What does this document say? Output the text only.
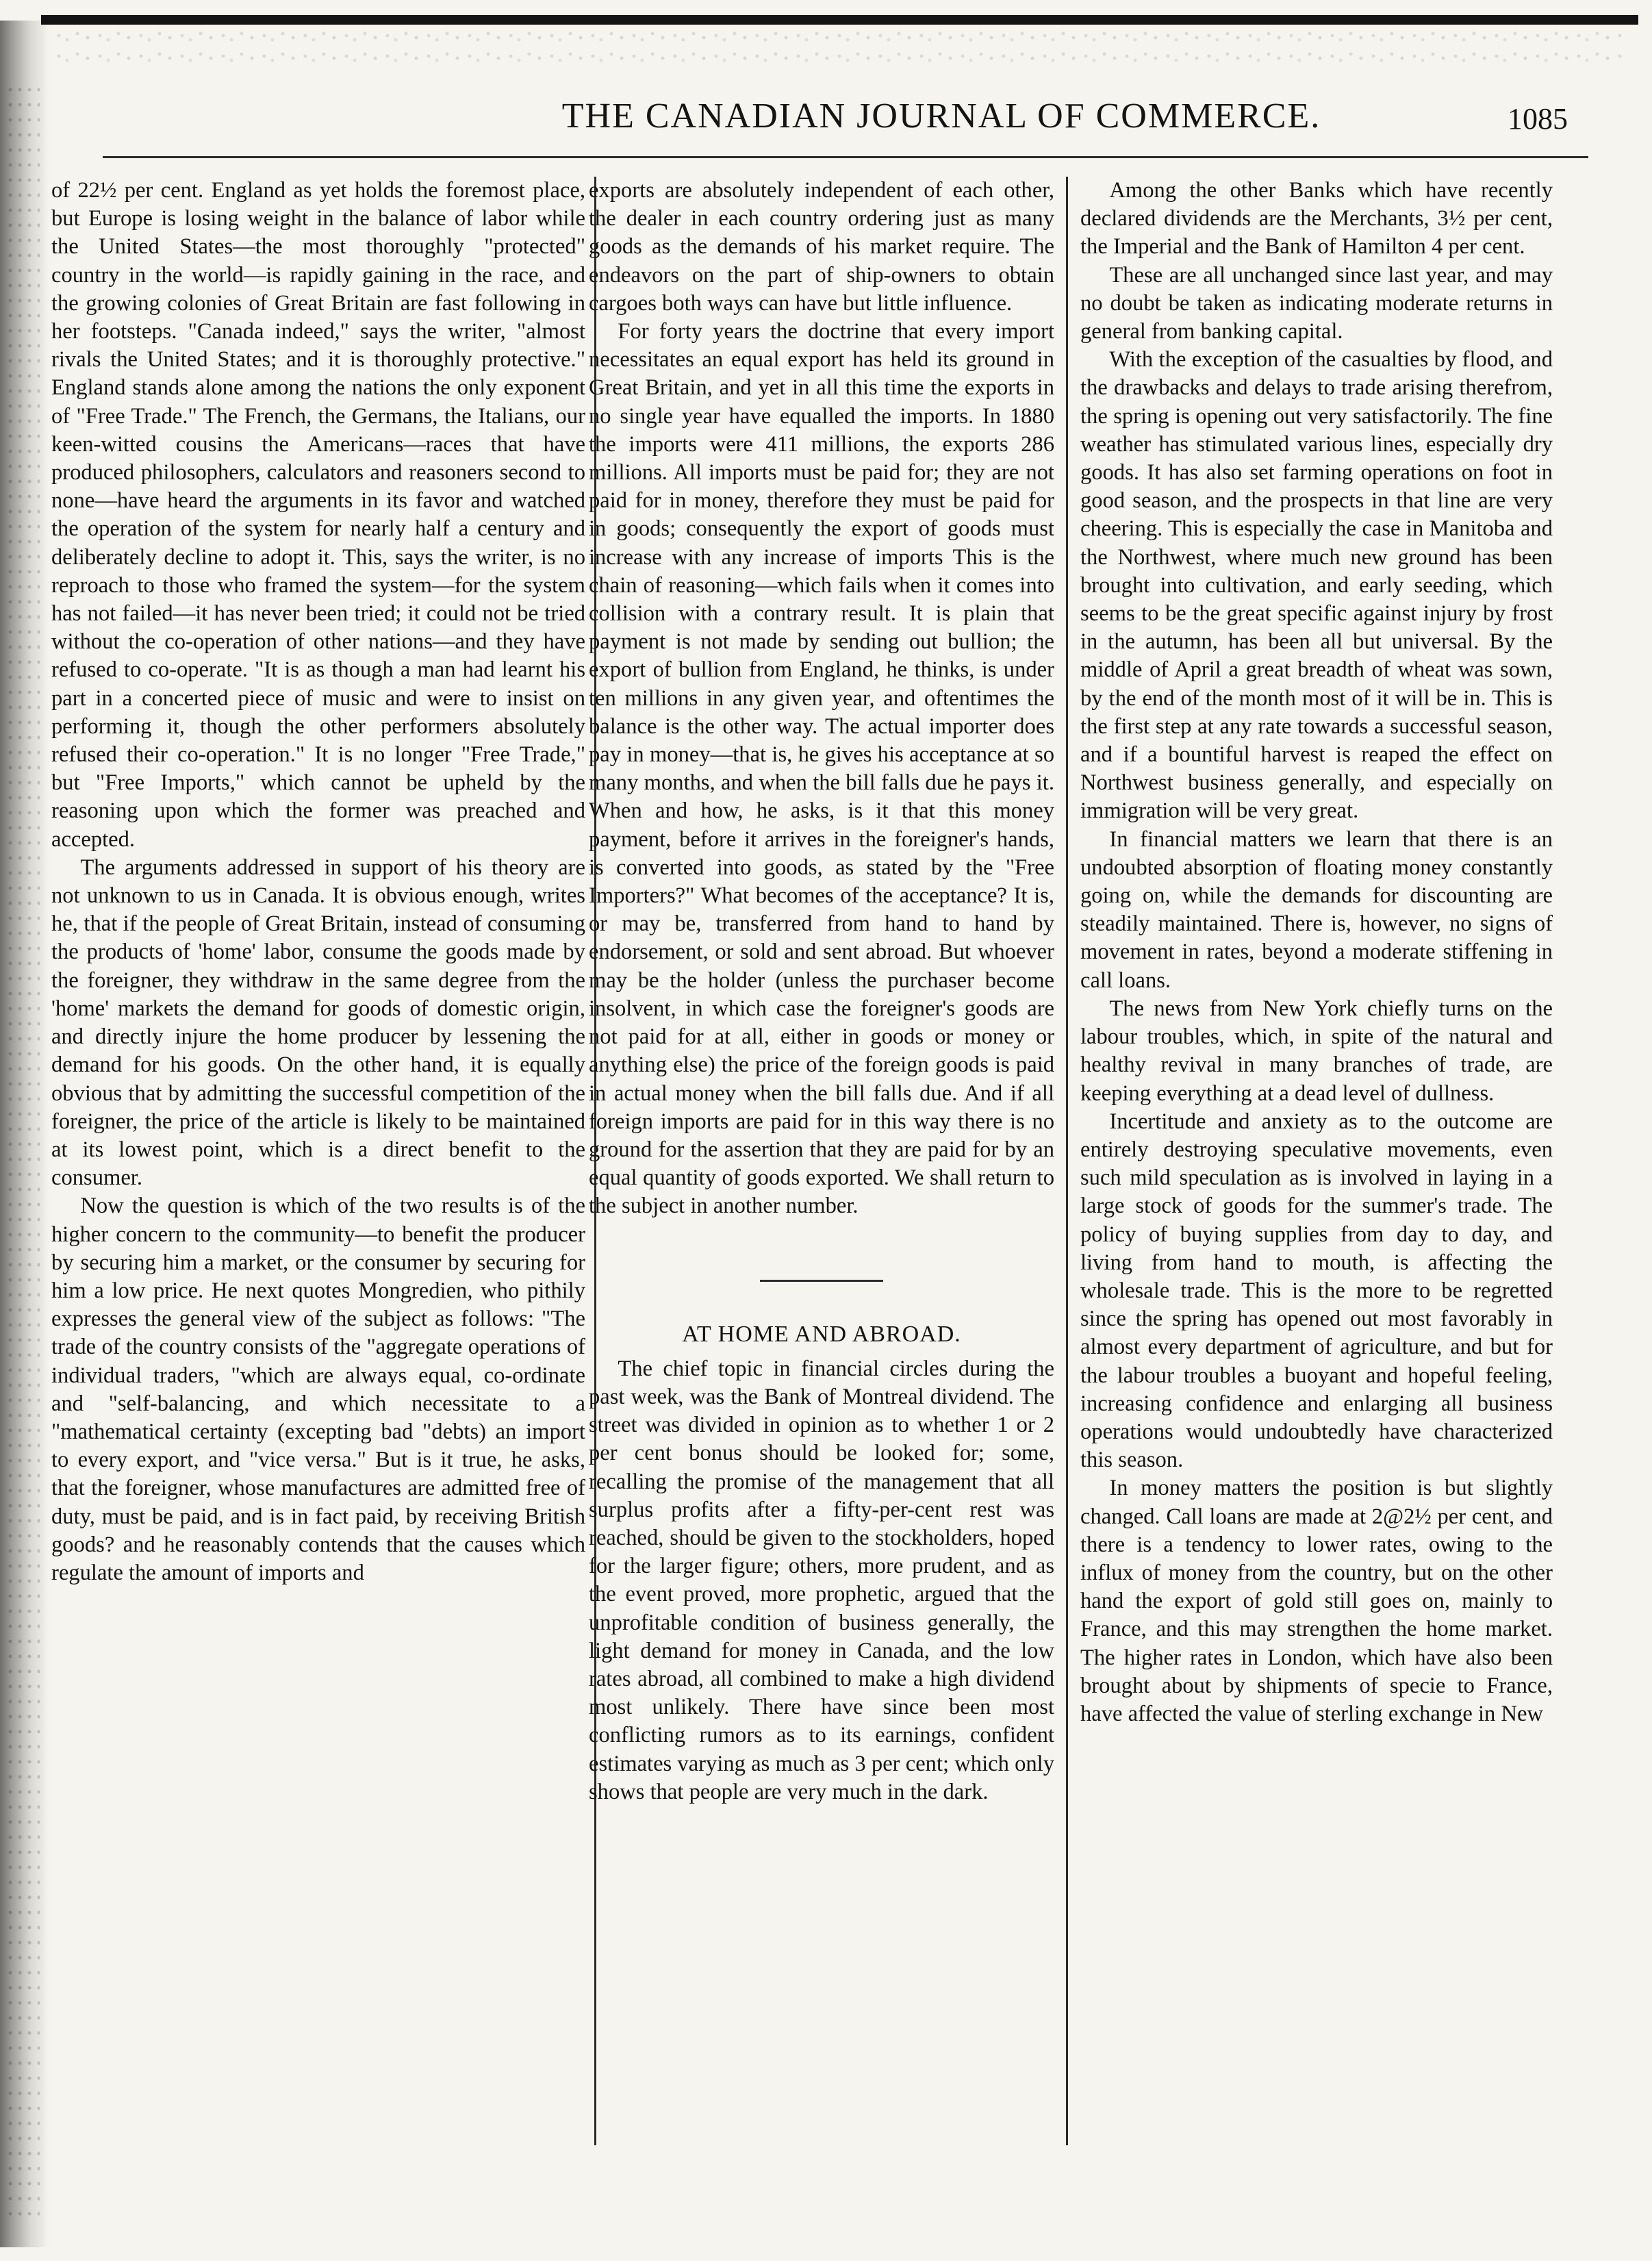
THE CANADIAN JOURNAL OF COMMERCE.	1085

of 22½ per cent. England as yet holds the foremost place, but Europe is losing weight in the balance of labor while the United States—the most thoroughly "protected" country in the world—is rapidly gaining in the race, and the growing colonies of Great Britain are fast following in her footsteps. "Canada indeed," says the writer, "almost rivals the United States; and it is thoroughly protective." England stands alone among the nations the only exponent of "Free Trade." The French, the Germans, the Italians, our keen-witted cousins the Americans—races that have produced philosophers, calculators and reasoners second to none—have heard the arguments in its favor and watched the operation of the system for nearly half a century and deliberately decline to adopt it. This, says the writer, is no reproach to those who framed the system—for the system has not failed—it has never been tried; it could not be tried without the co-operation of other nations—and they have refused to co-operate. "It is as though a man had learnt his part in a concerted piece of music and were to insist on performing it, though the other performers absolutely refused their co-operation." It is no longer "Free Trade," but "Free Imports," which cannot be upheld by the reasoning upon which the former was preached and accepted.

The arguments addressed in support of his theory are not unknown to us in Canada. It is obvious enough, writes he, that if the people of Great Britain, instead of consuming the products of 'home' labor, consume the goods made by the foreigner, they withdraw in the same degree from the 'home' markets the demand for goods of domestic origin, and directly injure the home producer by lessening the demand for his goods. On the other hand, it is equally obvious that by admitting the successful competition of the foreigner, the price of the article is likely to be maintained at its lowest point, which is a direct benefit to the consumer.

Now the question is which of the two results is of the higher concern to the community—to benefit the producer by securing him a market, or the consumer by securing for him a low price. He next quotes Mongredien, who pithily expresses the general view of the subject as follows: "The trade of the country consists of the "aggregate operations of individual traders, "which are always equal, co-ordinate and "self-balancing, and which necessitate to a "mathematical certainty (excepting bad "debts) an import to every export, and "vice versa." But is it true, he asks, that the foreigner, whose manufactures are admitted free of duty, must be paid, and is in fact paid, by receiving British goods? and he reasonably contends that the causes which regulate the amount of imports and

exports are absolutely independent of each other, the dealer in each country ordering just as many goods as the demands of his market require. The endeavors on the part of ship-owners to obtain cargoes both ways can have but little influence.

For forty years the doctrine that every import necessitates an equal export has held its ground in Great Britain, and yet in all this time the exports in no single year have equalled the imports. In 1880 the imports were 411 millions, the exports 286 millions. All imports must be paid for; they are not paid for in money, therefore they must be paid for in goods; consequently the export of goods must increase with any increase of imports This is the chain of reasoning—which fails when it comes into collision with a contrary result. It is plain that payment is not made by sending out bullion; the export of bullion from England, he thinks, is under ten millions in any given year, and oftentimes the balance is the other way. The actual importer does pay in money—that is, he gives his acceptance at so many months, and when the bill falls due he pays it. When and how, he asks, is it that this money payment, before it arrives in the foreigner's hands, is converted into goods, as stated by the "Free Importers?" What becomes of the acceptance? It is, or may be, transferred from hand to hand by endorsement, or sold and sent abroad. But whoever may be the holder (unless the purchaser become insolvent, in which case the foreigner's goods are not paid for at all, either in goods or money or anything else) the price of the foreign goods is paid in actual money when the bill falls due. And if all foreign imports are paid for in this way there is no ground for the assertion that they are paid for by an equal quantity of goods exported. We shall return to the subject in another number.

AT HOME AND ABROAD.

The chief topic in financial circles during the past week, was the Bank of Montreal dividend. The street was divided in opinion as to whether 1 or 2 per cent bonus should be looked for; some, recalling the promise of the management that all surplus profits after a fifty-per-cent rest was reached, should be given to the stockholders, hoped for the larger figure; others, more prudent, and as the event proved, more prophetic, argued that the unprofitable condition of business generally, the light demand for money in Canada, and the low rates abroad, all combined to make a high dividend most unlikely. There have since been most conflicting rumors as to its earnings, confident estimates varying as much as 3 per cent; which only shows that people are very much in the dark.

Among the other Banks which have recently declared dividends are the Merchants, 3½ per cent, the Imperial and the Bank of Hamilton 4 per cent.

These are all unchanged since last year, and may no doubt be taken as indicating moderate returns in general from banking capital.

With the exception of the casualties by flood, and the drawbacks and delays to trade arising therefrom, the spring is opening out very satisfactorily. The fine weather has stimulated various lines, especially dry goods. It has also set farming operations on foot in good season, and the prospects in that line are very cheering. This is especially the case in Manitoba and the Northwest, where much new ground has been brought into cultivation, and early seeding, which seems to be the great specific against injury by frost in the autumn, has been all but universal. By the middle of April a great breadth of wheat was sown, by the end of the month most of it will be in. This is the first step at any rate towards a successful season, and if a bountiful harvest is reaped the effect on Northwest business generally, and especially on immigration will be very great.

In financial matters we learn that there is an undoubted absorption of floating money constantly going on, while the demands for discounting are steadily maintained. There is, however, no signs of movement in rates, beyond a moderate stiffening in call loans.

The news from New York chiefly turns on the labour troubles, which, in spite of the natural and healthy revival in many branches of trade, are keeping everything at a dead level of dullness.

Incertitude and anxiety as to the outcome are entirely destroying speculative movements, even such mild speculation as is involved in laying in a large stock of goods for the summer's trade. The policy of buying supplies from day to day, and living from hand to mouth, is affecting the wholesale trade. This is the more to be regretted since the spring has opened out most favorably in almost every department of agriculture, and but for the labour troubles a buoyant and hopeful feeling, increasing confidence and enlarging all business operations would undoubtedly have characterized this season.

In money matters the position is but slightly changed. Call loans are made at 2@2½ per cent, and there is a tendency to lower rates, owing to the influx of money from the country, but on the other hand the export of gold still goes on, mainly to France, and this may strengthen the home market. The higher rates in London, which have also been brought about by shipments of specie to France, have affected the value of sterling exchange in New
